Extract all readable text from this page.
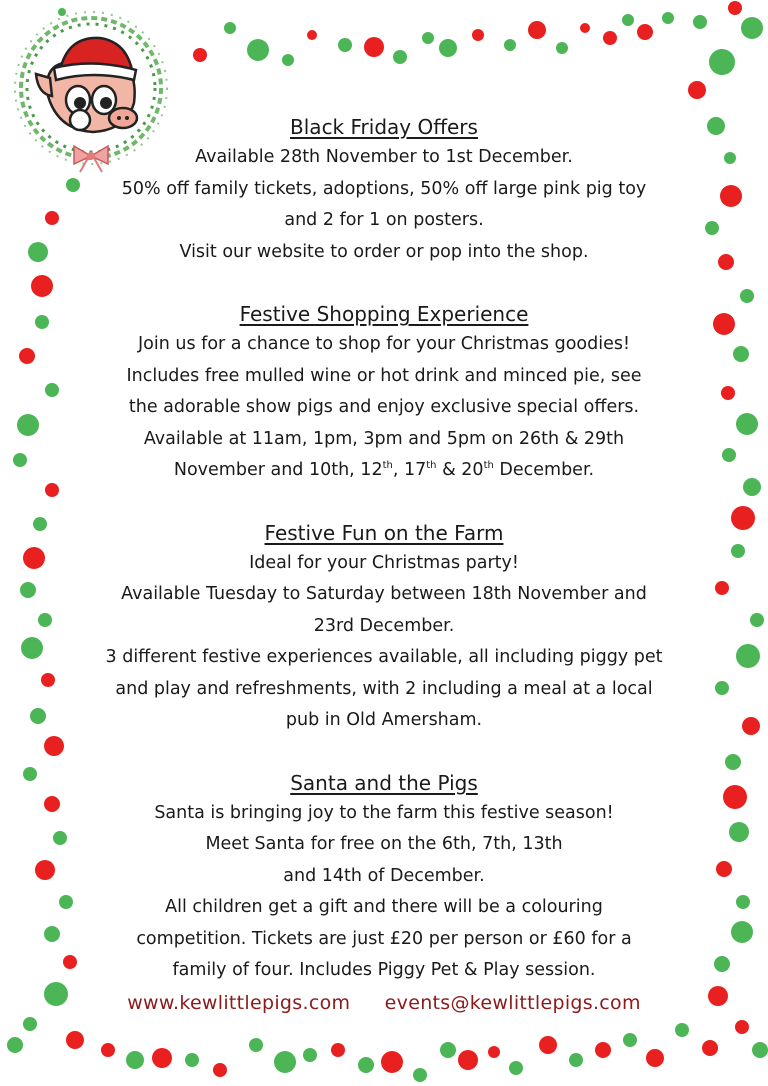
Black Friday Offers

Available 28th November to 1st December.

50% off family tickets, adoptions, 50% off large pink pig toy

and 2 for 1 on posters.

Visit our website to order or pop into the shop.

Festive Shopping Experience

Join us for a chance to shop for your Christmas goodies!

Includes free mulled wine or hot drink and minced pie, see

the adorable show pigs and enjoy exclusive special offers.

Available at 11am, 1pm, 3pm and 5pm on 26th & 29th

November and 10th, 12th, 17th & 20th December.

Festive Fun on the Farm

Ideal for your Christmas party!

Available Tuesday to Saturday between 18th November and

23rd December.

3 different festive experiences available, all including piggy pet

and play and refreshments, with 2 including a meal at a local

pub in Old Amersham.

Santa and the Pigs

Santa is bringing joy to the farm this festive season!

Meet Santa for free on the 6th, 7th, 13th

and 14th of December.

All children get a gift and there will be a colouring

competition. Tickets are just £20 per person or £60 for a

family of four. Includes Piggy Pet & Play session.

www.kewlittlepigs.com events@kewlittlepigs.com
